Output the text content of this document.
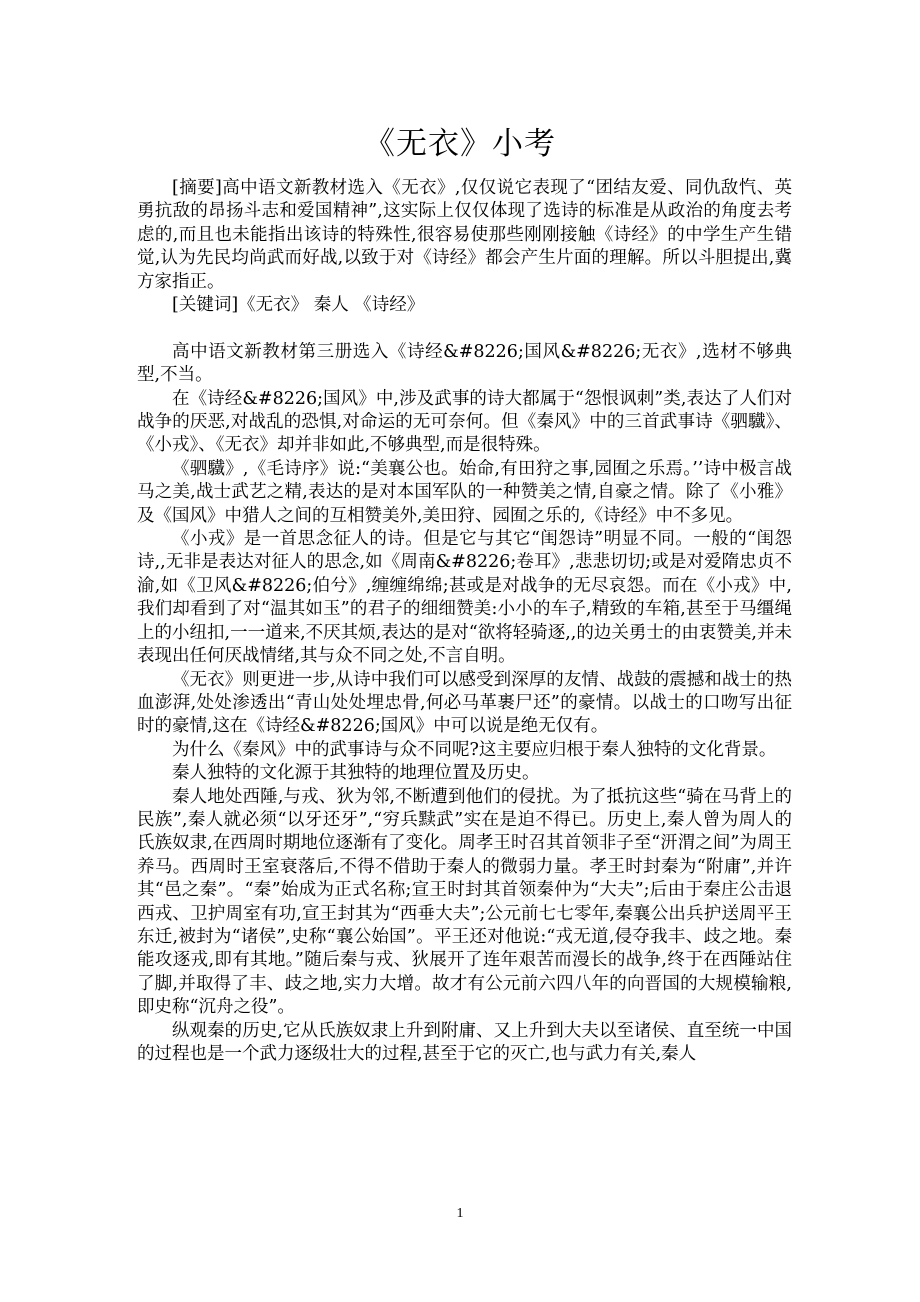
《无衣》小考

[摘要]高中语文新教材选入《无衣》,仅仅说它表现了“团结友爱、同仇敌忾、英勇抗敌的昂扬斗志和爱国精神”,这实际上仅仅体现了选诗的标准是从政治的角度去考虑的,而且也未能指出该诗的特殊性,很容易使那些刚刚接触《诗经》的中学生产生错觉,认为先民均尚武而好战,以致于对《诗经》都会产生片面的理解。所以斗胆提出,冀方家指正。

[关键词]《无衣》 秦人 《诗经》

高中语文新教材第三册选入《诗经&#8226;国风&#8226;无衣》,选材不够典型,不当。

在《诗经&#8226;国风》中,涉及武事的诗大都属于“怨恨讽刺”类,表达了人们对战争的厌恶,对战乱的恐惧,对命运的无可奈何。但《秦风》中的三首武事诗《驷驖》、《小戎》、《无衣》却并非如此,不够典型,而是很特殊。

《驷驖》,《毛诗序》说:“美襄公也。始命,有田狩之事,园囿之乐焉。’’诗中极言战马之美,战士武艺之精,表达的是对本国军队的一种赞美之情,自豪之情。除了《小雅》及《国风》中猎人之间的互相赞美外,美田狩、园囿之乐的,《诗经》中不多见。

《小戎》是一首思念征人的诗。但是它与其它“闺怨诗”明显不同。一般的“闺怨诗,,无非是表达对征人的思念,如《周南&#8226;卷耳》,悲悲切切;或是对爱隋忠贞不渝,如《卫风&#8226;伯兮》,缠缠绵绵;甚或是对战争的无尽哀怨。而在《小戎》中,我们却看到了对“温其如玉”的君子的细细赞美:小小的车子,精致的车箱,甚至于马缰绳上的小纽扣,一一道来,不厌其烦,表达的是对“欲将轻骑逐,,的边关勇士的由衷赞美,并未表现出任何厌战情绪,其与众不同之处,不言自明。

《无衣》则更进一步,从诗中我们可以感受到深厚的友情、战鼓的震撼和战士的热血澎湃,处处渗透出“青山处处埋忠骨,何必马革裹尸还”的豪情。以战士的口吻写出征时的豪情,这在《诗经&#8226;国风》中可以说是绝无仅有。

为什么《秦风》中的武事诗与众不同呢?这主要应归根于秦人独特的文化背景。

秦人独特的文化源于其独特的地理位置及历史。

秦人地处西陲,与戎、狄为邻,不断遭到他们的侵扰。为了抵抗这些“骑在马背上的民族”,秦人就必须“以牙还牙”,“穷兵黩武”实在是迫不得已。历史上,秦人曾为周人的氏族奴隶,在西周时期地位逐渐有了变化。周孝王时召其首领非子至“汧渭之间”为周王养马。西周时王室衰落后,不得不借助于秦人的微弱力量。孝王时封秦为“附庸”,并许其“邑之秦”。“秦”始成为正式名称;宣王时封其首领秦仲为“大夫”;后由于秦庄公击退西戎、卫护周室有功,宣王封其为“西垂大夫”;公元前七七零年,秦襄公出兵护送周平王东迁,被封为“诸侯”,史称“襄公始国”。平王还对他说:“戎无道,侵夺我丰、歧之地。秦能攻逐戎,即有其地。”随后秦与戎、狄展开了连年艰苦而漫长的战争,终于在西陲站住了脚,并取得了丰、歧之地,实力大增。故才有公元前六四八年的向晋国的大规模输粮,即史称“沉舟之役”。

纵观秦的历史,它从氏族奴隶上升到附庸、又上升到大夫以至诸侯、直至统一中国的过程也是一个武力逐级壮大的过程,甚至于它的灭亡,也与武力有关,秦人

1
